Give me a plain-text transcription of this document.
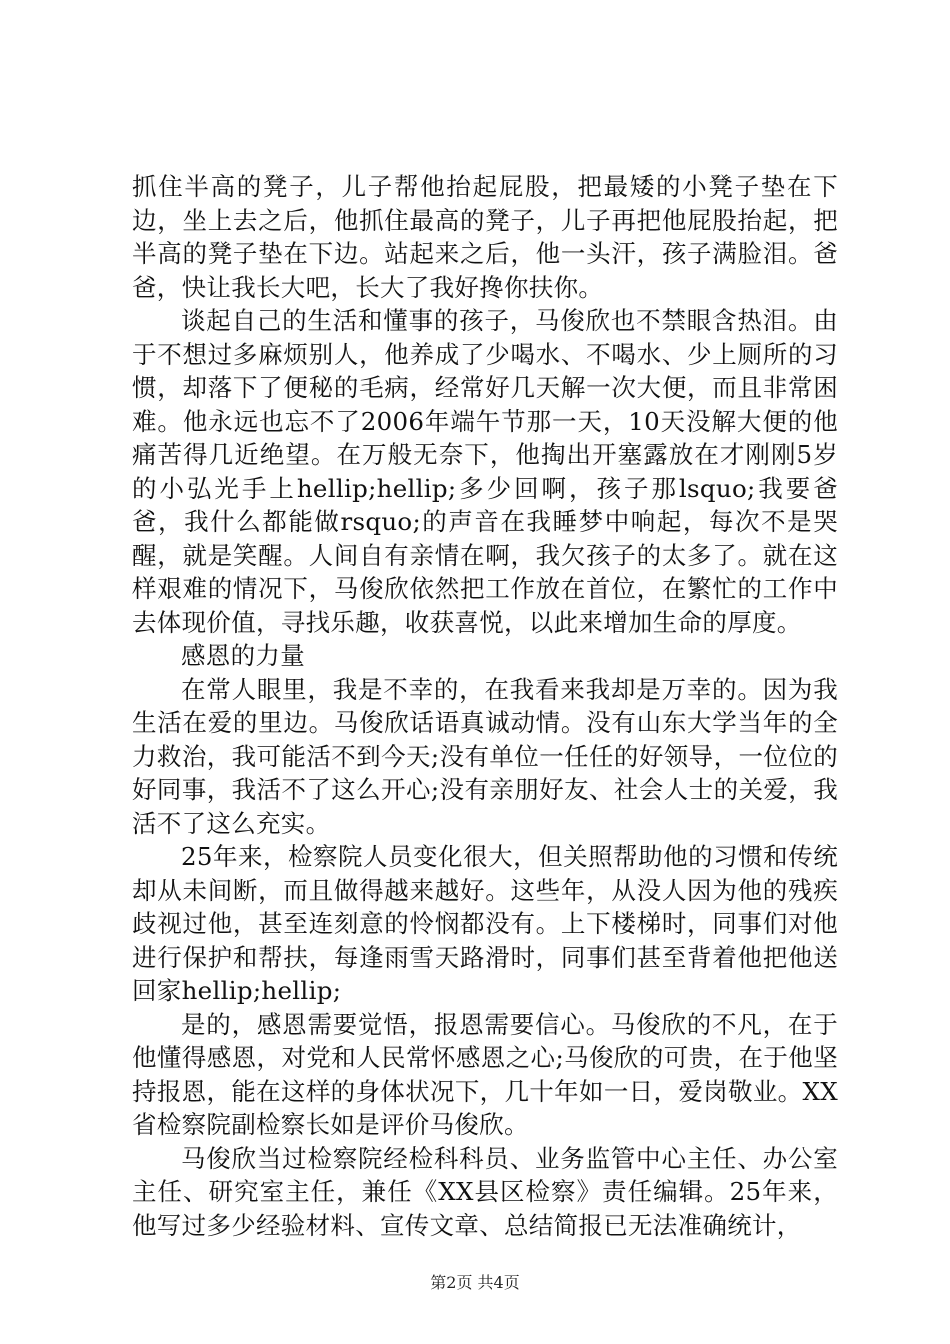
抓住半高的凳子，儿子帮他抬起屁股，把最矮的小凳子垫在下边，坐上去之后，他抓住最高的凳子，儿子再把他屁股抬起，把半高的凳子垫在下边。站起来之后，他一头汗，孩子满脸泪。爸爸，快让我长大吧，长大了我好搀你扶你。

谈起自己的生活和懂事的孩子，马俊欣也不禁眼含热泪。由于不想过多麻烦别人，他养成了少喝水、不喝水、少上厕所的习惯，却落下了便秘的毛病，经常好几天解一次大便，而且非常困难。他永远也忘不了2006年端午节那一天，10天没解大便的他痛苦得几近绝望。在万般无奈下，他掏出开塞露放在才刚刚5岁的小弘光手上hellip;hellip;多少回啊，孩子那lsquo;我要爸爸，我什么都能做rsquo;的声音在我睡梦中响起，每次不是哭醒，就是笑醒。人间自有亲情在啊，我欠孩子的太多了。就在这样艰难的情况下，马俊欣依然把工作放在首位，在繁忙的工作中去体现价值，寻找乐趣，收获喜悦，以此来增加生命的厚度。

感恩的力量

在常人眼里，我是不幸的，在我看来我却是万幸的。因为我生活在爱的里边。马俊欣话语真诚动情。没有山东大学当年的全力救治，我可能活不到今天;没有单位一任任的好领导，一位位的好同事，我活不了这么开心;没有亲朋好友、社会人士的关爱，我活不了这么充实。

25年来，检察院人员变化很大，但关照帮助他的习惯和传统却从未间断，而且做得越来越好。这些年，从没人因为他的残疾歧视过他，甚至连刻意的怜悯都没有。上下楼梯时，同事们对他进行保护和帮扶，每逢雨雪天路滑时，同事们甚至背着他把他送回家hellip;hellip;

是的，感恩需要觉悟，报恩需要信心。马俊欣的不凡，在于他懂得感恩，对党和人民常怀感恩之心;马俊欣的可贵，在于他坚持报恩，能在这样的身体状况下，几十年如一日，爱岗敬业。XX省检察院副检察长如是评价马俊欣。

马俊欣当过检察院经检科科员、业务监管中心主任、办公室主任、研究室主任，兼任《XX县区检察》责任编辑。25年来，他写过多少经验材料、宣传文章、总结简报已无法准确统计，

第2页 共4页
